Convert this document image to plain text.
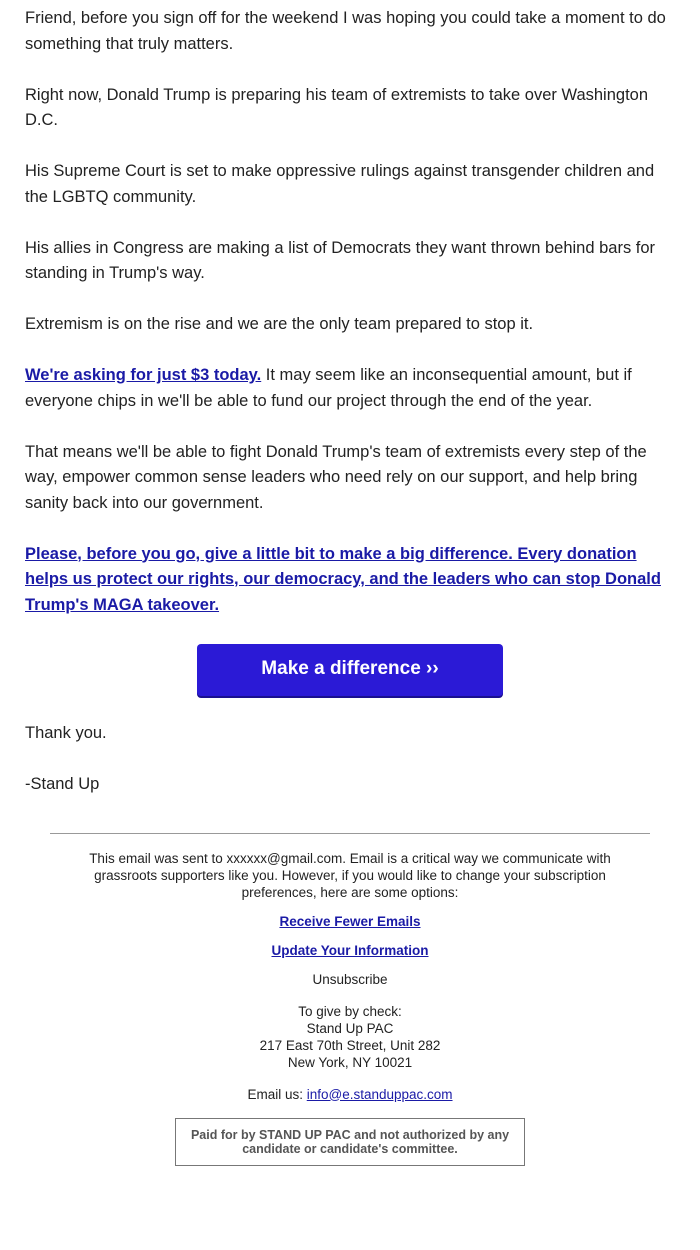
Friend, before you sign off for the weekend I was hoping you could take a moment to do something that truly matters.

Right now, Donald Trump is preparing his team of extremists to take over Washington D.C.

His Supreme Court is set to make oppressive rulings against transgender children and the LGBTQ community.

His allies in Congress are making a list of Democrats they want thrown behind bars for standing in Trump's way.

Extremism is on the rise and we are the only team prepared to stop it.

We're asking for just $3 today. It may seem like an inconsequential amount, but if everyone chips in we'll be able to fund our project through the end of the year.

That means we'll be able to fight Donald Trump's team of extremists every step of the way, empower common sense leaders who need rely on our support, and help bring sanity back into our government.

Please, before you go, give a little bit to make a big difference. Every donation helps us protect our rights, our democracy, and the leaders who can stop Donald Trump's MAGA takeover.

Make a difference ››

Thank you.

-Stand Up

This email was sent to xxxxxx@gmail.com. Email is a critical way we communicate with grassroots supporters like you. However, if you would like to change your subscription preferences, here are some options:
Receive Fewer Emails
Update Your Information
Unsubscribe
To give by check:
Stand Up PAC
217 East 70th Street, Unit 282
New York, NY 10021
Email us: info@e.standuppac.com
Paid for by STAND UP PAC and not authorized by any candidate or candidate's committee.
